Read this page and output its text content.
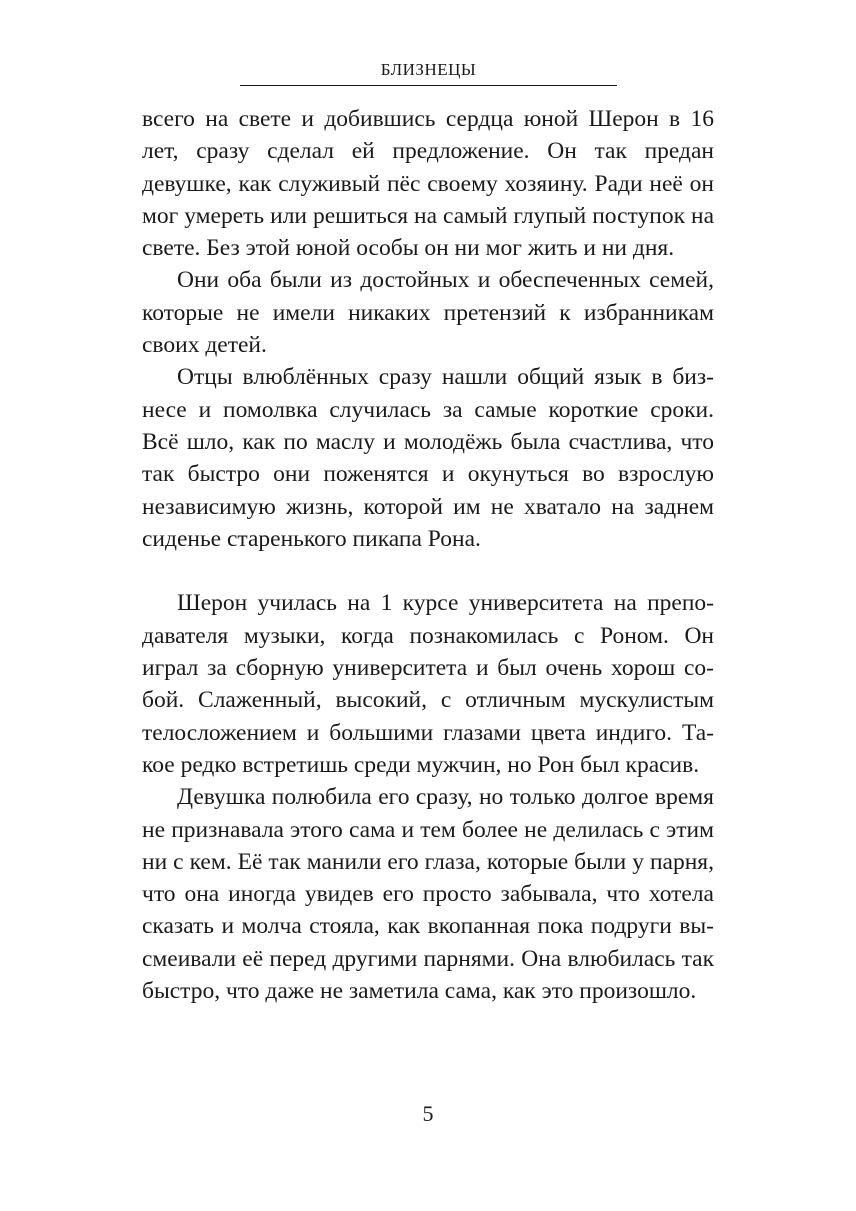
БЛИЗНЕЦЫ

всего на свете и добившись сердца юной Шерон в 16 лет, сразу сделал ей предложение. Он так предан девушке, как служивый пёс своему хозяину. Ради неё он мог умереть или решиться на самый глупый поступок на свете. Без этой юной особы он ни мог жить и ни дня.

Они оба были из достойных и обеспеченных семей, которые не имели никаких претензий к избранникам своих детей.

Отцы влюблённых сразу нашли общий язык в бизнесе и помолвка случилась за самые короткие сроки. Всё шло, как по маслу и молодёжь была счастлива, что так быстро они поженятся и окунуться во взрослую независимую жизнь, которой им не хватало на заднем сиденье старенького пикапа Рона.

Шерон училась на 1 курсе университета на преподавателя музыки, когда познакомилась с Роном. Он играл за сборную университета и был очень хорош собой. Слаженный, высокий, с отличным мускулистым телосложением и большими глазами цвета индиго. Такое редко встретишь среди мужчин, но Рон был красив.

Девушка полюбила его сразу, но только долгое время не признавала этого сама и тем более не делилась с этим ни с кем. Её так манили его глаза, которые были у парня, что она иногда увидев его просто забывала, что хотела сказать и молча стояла, как вкопанная пока подруги высмеивали её перед другими парнями. Она влюбилась так быстро, что даже не заметила сама, как это произошло.

5
